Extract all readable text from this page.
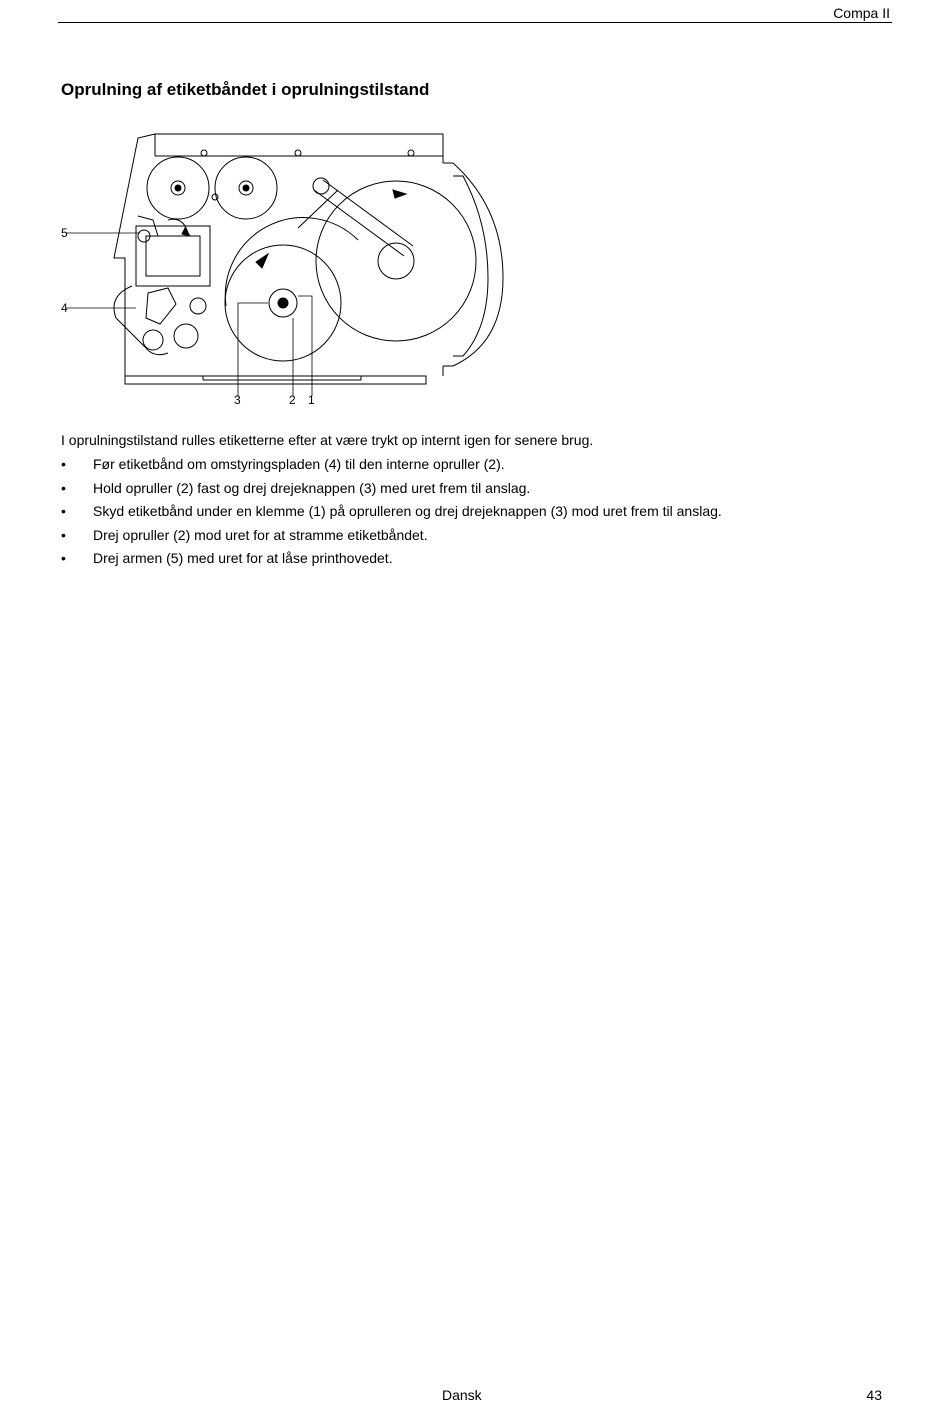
Compa II
Oprulning af etiketbåndet i oprulningstilstand
5
4
3	2 1

I oprulningstilstand rulles etiketterne efter at være trykt op internt igen for senere brug.

• Før etiketbånd om omstyringspladen (4) til den interne opruller (2).
• Hold opruller (2) fast og drej drejeknappen (3) med uret frem til anslag.
• Skyd etiketbånd under en klemme (1) på oprulleren og drej drejeknappen (3) mod uret frem til anslag.
• Drej opruller (2) mod uret for at stramme etiketbåndet.
• Drej armen (5) med uret for at låse printhovedet.
Dansk	43
